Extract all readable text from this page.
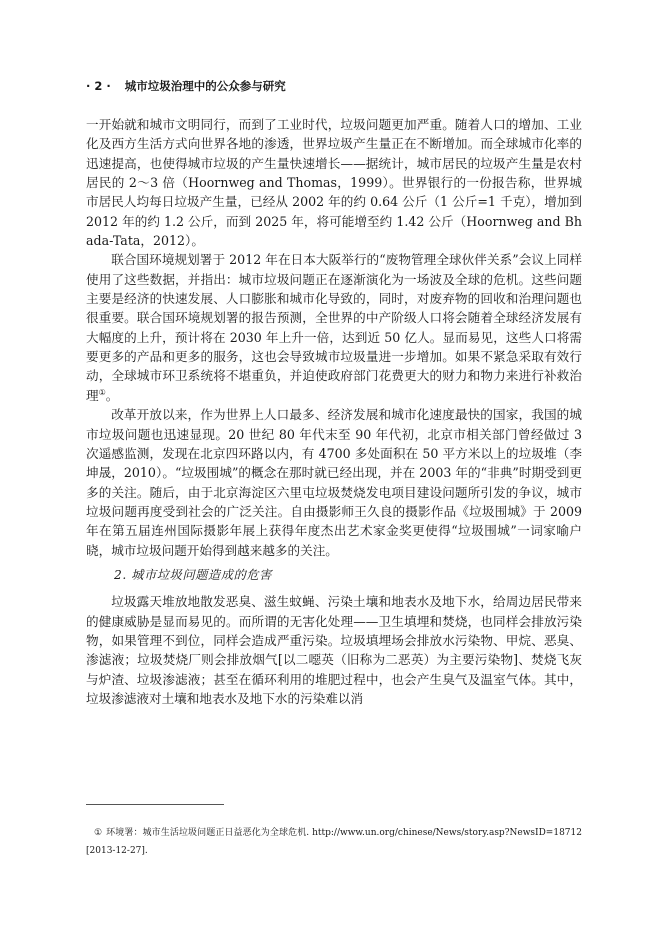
· 2 · 城市垃圾治理中的公众参与研究

一开始就和城市文明同行，而到了工业时代，垃圾问题更加严重。随着人口的增加、工业化及西方生活方式向世界各地的渗透，世界垃圾产生量正在不断增加。而全球城市化率的迅速提高，也使得城市垃圾的产生量快速增长——据统计，城市居民的垃圾产生量是农村居民的 2～3 倍（Hoornweg and Thomas，1999）。世界银行的一份报告称，世界城市居民人均每日垃圾产生量，已经从 2002 年的约 0.64 公斤（1 公斤=1 千克），增加到 2012 年的约 1.2 公斤，而到 2025 年，将可能增至约 1.42 公斤（Hoornweg and Bhada-Tata，2012）。

联合国环境规划署于 2012 年在日本大阪举行的“废物管理全球伙伴关系”会议上同样使用了这些数据，并指出：城市垃圾问题正在逐渐演化为一场波及全球的危机。这些问题主要是经济的快速发展、人口膨胀和城市化导致的，同时，对废弃物的回收和治理问题也很重要。联合国环境规划署的报告预测，全世界的中产阶级人口将会随着全球经济发展有大幅度的上升，预计将在 2030 年上升一倍，达到近 50 亿人。显而易见，这些人口将需要更多的产品和更多的服务，这也会导致城市垃圾量进一步增加。如果不紧急采取有效行动，全球城市环卫系统将不堪重负，并迫使政府部门花费更大的财力和物力来进行补救治理①。

改革开放以来，作为世界上人口最多、经济发展和城市化速度最快的国家，我国的城市垃圾问题也迅速显现。20 世纪 80 年代末至 90 年代初，北京市相关部门曾经做过 3 次遥感监测，发现在北京四环路以内，有 4700 多处面积在 50 平方米以上的垃圾堆（李坤晟，2010）。“垃圾围城”的概念在那时就已经出现，并在 2003 年的“非典”时期受到更多的关注。随后，由于北京海淀区六里屯垃圾焚烧发电项目建设问题所引发的争议，城市垃圾问题再度受到社会的广泛关注。自由摄影师王久良的摄影作品《垃圾围城》于 2009 年在第五届连州国际摄影年展上获得年度杰出艺术家金奖更使得“垃圾围城”一词家喻户晓，城市垃圾问题开始得到越来越多的关注。

2. 城市垃圾问题造成的危害

垃圾露天堆放地散发恶臭、滋生蚊蝇、污染土壤和地表水及地下水，给周边居民带来的健康威胁是显而易见的。而所谓的无害化处理——卫生填埋和焚烧，也同样会排放污染物，如果管理不到位，同样会造成严重污染。垃圾填埋场会排放水污染物、甲烷、恶臭、渗滤液；垃圾焚烧厂则会排放烟气[以二噁英（旧称为二恶英）为主要污染物]、焚烧飞灰与炉渣、垃圾渗滤液；甚至在循环利用的堆肥过程中，也会产生臭气及温室气体。其中，垃圾渗滤液对土壤和地表水及地下水的污染难以消

① 环境署：城市生活垃圾问题正日益恶化为全球危机. http://www.un.org/chinese/News/story.asp?NewsID=18712[2013-12-27].
